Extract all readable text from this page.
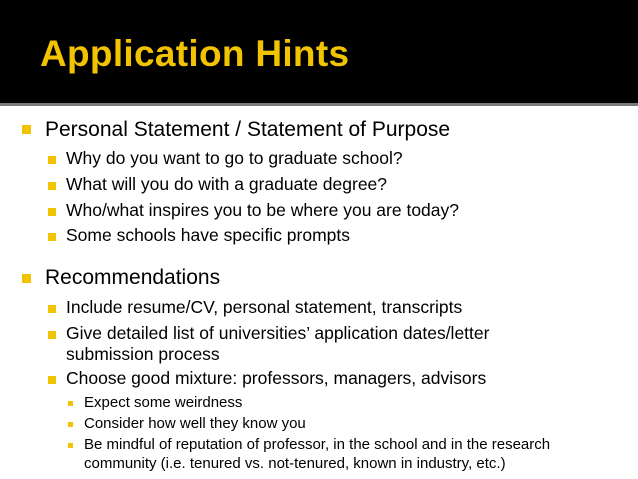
Application Hints
Personal Statement / Statement of Purpose
Why do you want to go to graduate school?
What will you do with a graduate degree?
Who/what inspires you to be where you are today?
Some schools have specific prompts
Recommendations
Include resume/CV, personal statement, transcripts
Give detailed list of universities’ application dates/letter
submission process
Choose good mixture: professors, managers, advisors
Expect some weirdness
Consider how well they know you
Be mindful of reputation of professor, in the school and in the research
community (i.e. tenured vs. not-tenured, known in industry, etc.)
